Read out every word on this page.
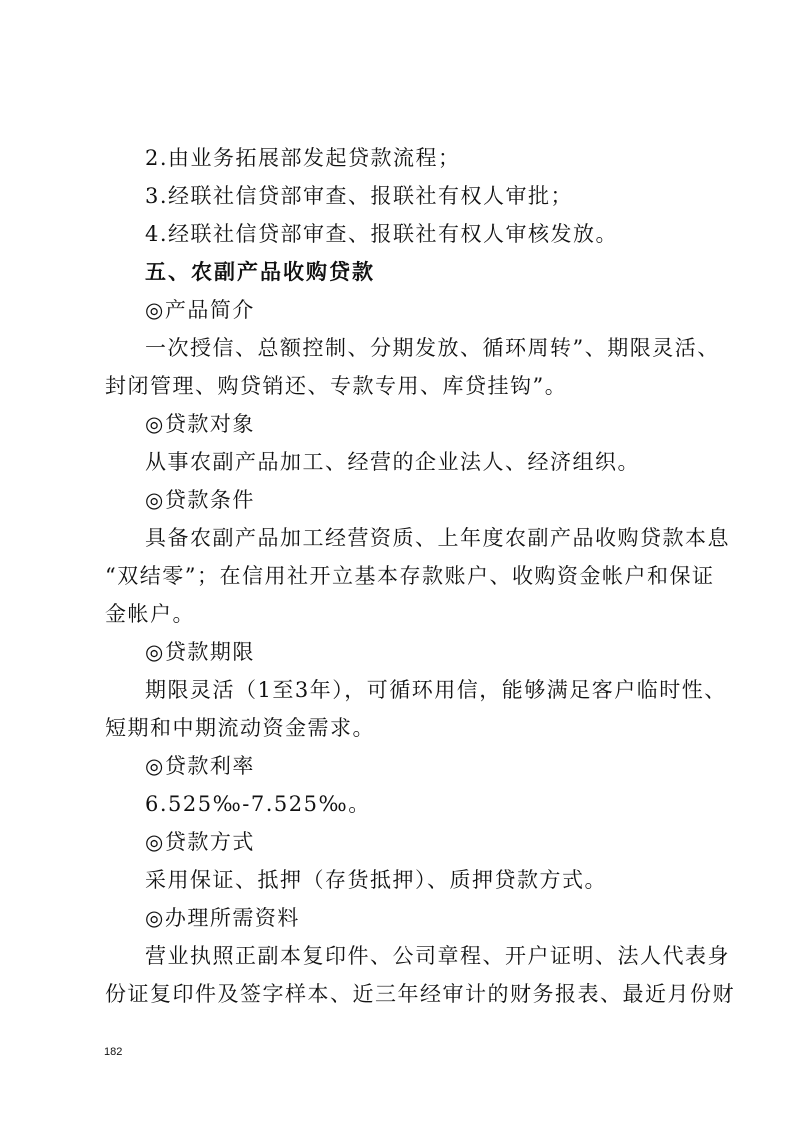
2.由业务拓展部发起贷款流程；
3.经联社信贷部审查、报联社有权人审批；
4.经联社信贷部审查、报联社有权人审核发放。
五、农副产品收购贷款
◎产品简介
一次授信、总额控制、分期发放、循环周转”、期限灵活、
封闭管理、购贷销还、专款专用、库贷挂钩”。
◎贷款对象
从事农副产品加工、经营的企业法人、经济组织。
◎贷款条件
具备农副产品加工经营资质、上年度农副产品收购贷款本息
“双结零”；在信用社开立基本存款账户、收购资金帐户和保证
金帐户。
◎贷款期限
期限灵活（1至3年），可循环用信，能够满足客户临时性、
短期和中期流动资金需求。
◎贷款利率
6.525‰-7.525‰。
◎贷款方式
采用保证、抵押（存货抵押）、质押贷款方式。
◎办理所需资料
营业执照正副本复印件、公司章程、开户证明、法人代表身
份证复印件及签字样本、近三年经审计的财务报表、最近月份财
182
